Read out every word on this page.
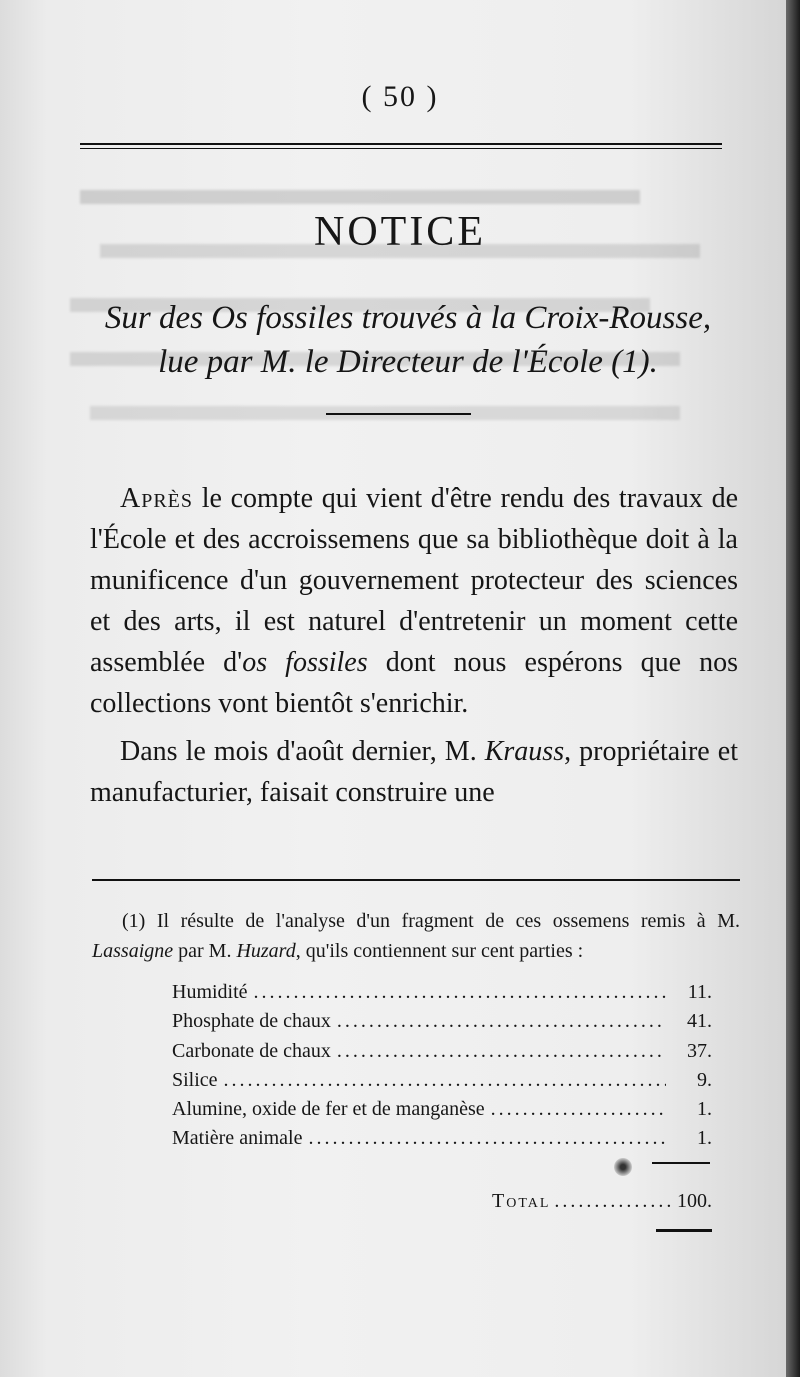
( 50 )
NOTICE
Sur des Os fossiles trouvés à la Croix-Rousse,
lue par M. le Directeur de l'École (1).

Après le compte qui vient d'être rendu des travaux de l'École et des accroissemens que sa bibliothèque doit à la munificence d'un gouvernement protecteur des sciences et des arts, il est naturel d'entretenir un moment cette assemblée d'os fossiles dont nous espérons que nos collections vont bientôt s'enrichir.

Dans le mois d'août dernier, M. Krauss, propriétaire et manufacturier, faisait construire une

(1) Il résulte de l'analyse d'un fragment de ces ossemens remis à M. Lassaigne par M. Huzard, qu'ils contiennent sur cent parties :

Humidité .....	11.
Phosphate de chaux .....	41.
Carbonate de chaux .....	37.
Silice .....	9.
Alumine, oxide de fer et de manganèse .....	1.
Matière animale .....	1.
Total .....	100.
